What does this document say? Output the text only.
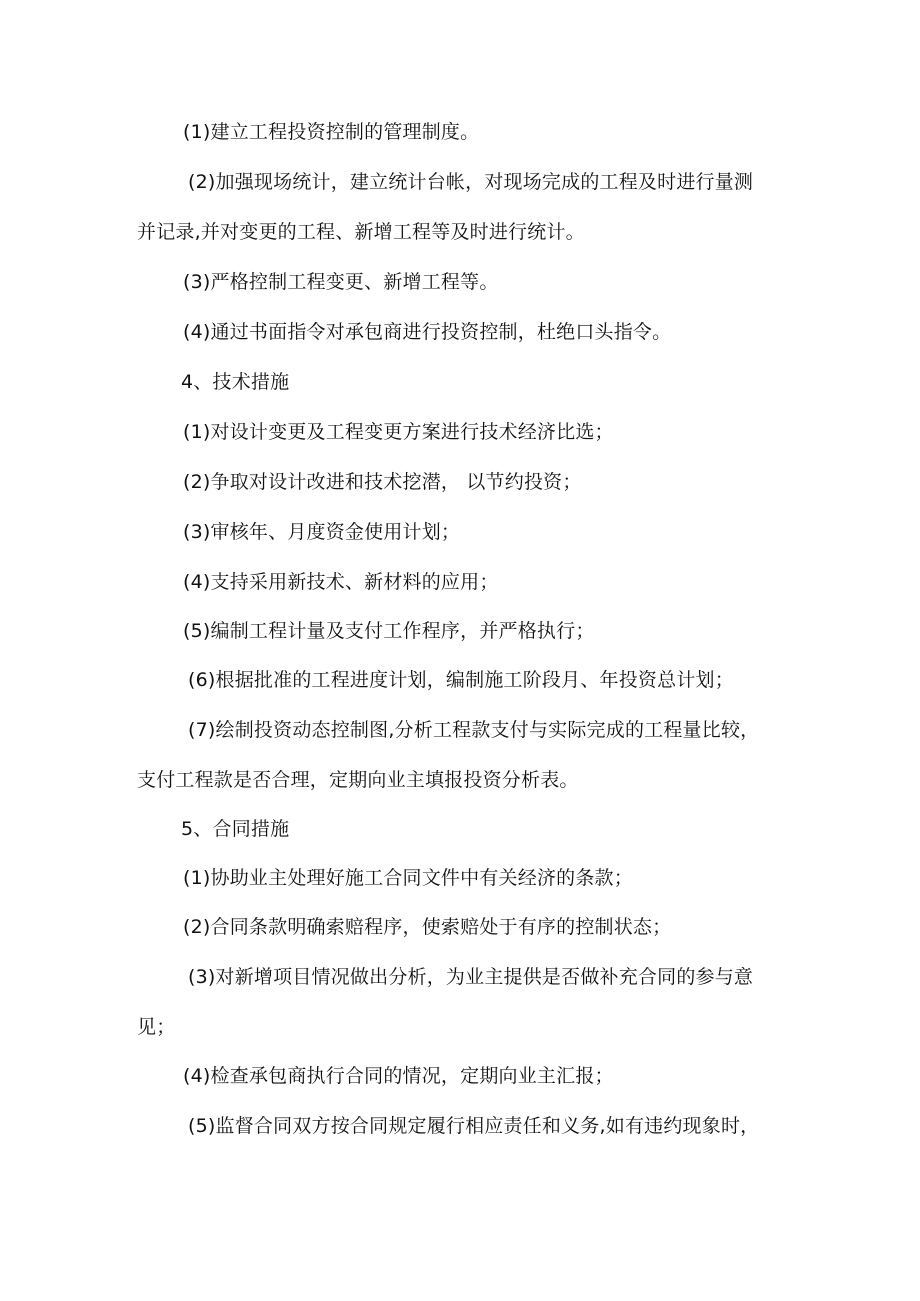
(1)建立工程投资控制的管理制度。
(2)加强现场统计，建立统计台帐，对现场完成的工程及时进行量测
并记录,并对变更的工程、新增工程等及时进行统计。
(3)严格控制工程变更、新增工程等。
(4)通过书面指令对承包商进行投资控制，杜绝口头指令。
4、技术措施
(1)对设计变更及工程变更方案进行技术经济比选；
(2)争取对设计改进和技术挖潜， 以节约投资；
(3)审核年、月度资金使用计划；
(4)支持采用新技术、新材料的应用；
(5)编制工程计量及支付工作程序，并严格执行；
(6)根据批准的工程进度计划，编制施工阶段月、年投资总计划；
(7)绘制投资动态控制图,分析工程款支付与实际完成的工程量比较，
支付工程款是否合理，定期向业主填报投资分析表。
5、合同措施
(1)协助业主处理好施工合同文件中有关经济的条款；
(2)合同条款明确索赔程序，使索赔处于有序的控制状态；
(3)对新增项目情况做出分析，为业主提供是否做补充合同的参与意
见；
(4)检查承包商执行合同的情况，定期向业主汇报；
(5)监督合同双方按合同规定履行相应责任和义务,如有违约现象时，
